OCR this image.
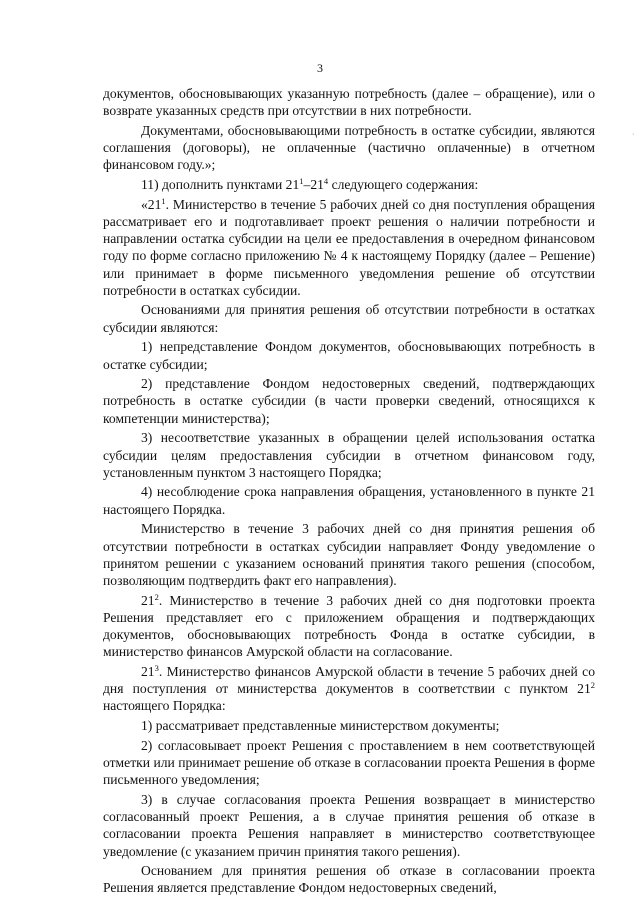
3
·

документов, обосновывающих указанную потребность (далее – обращение), или о возврате указанных средств при отсутствии в них потребности.

Документами, обосновывающими потребность в остатке субсидии, являются соглашения (договоры), не оплаченные (частично оплаченные) в отчетном финансовом году.»;

11) дополнить пунктами $21^1-21^4$ следующего содержания:

«$21^1$. Министерство в течение 5 рабочих дней со дня поступления обращения рассматривает его и подготавливает проект решения о наличии потребности и направлении остатка субсидии на цели ее предоставления в очередном финансовом году по форме согласно приложению № 4 к настоящему Порядку (далее – Решение) или принимает в форме письменного уведомления решение об отсутствии потребности в остатках субсидии.

Основаниями для принятия решения об отсутствии потребности в остатках субсидии являются:

1) непредставление Фондом документов, обосновывающих потребность в остатке субсидии;

2) представление Фондом недостоверных сведений, подтверждающих потребность в остатке субсидии (в части проверки сведений, относящихся к компетенции министерства);

3) несоответствие указанных в обращении целей использования остатка субсидии целям предоставления субсидии в отчетном финансовом году, установленным пунктом 3 настоящего Порядка;

4) несоблюдение срока направления обращения, установленного в пункте 21 настоящего Порядка.

Министерство в течение 3 рабочих дней со дня принятия решения об отсутствии потребности в остатках субсидии направляет Фонду уведомление о принятом решении с указанием оснований принятия такого решения (способом, позволяющим подтвердить факт его направления).

$21^2$. Министерство в течение 3 рабочих дней со дня подготовки проекта Решения представляет его с приложением обращения и подтверждающих документов, обосновывающих потребность Фонда в остатке субсидии, в министерство финансов Амурской области на согласование.

$21^3$. Министерство финансов Амурской области в течение 5 рабочих дней со дня поступления от министерства документов в соответствии с пунктом $21^2$ настоящего Порядка:

1) рассматривает представленные министерством документы;

2) согласовывает проект Решения с проставлением в нем соответствующей отметки или принимает решение об отказе в согласовании проекта Решения в форме письменного уведомления;

3) в случае согласования проекта Решения возвращает в министерство согласованный проект Решения, а в случае принятия решения об отказе в согласовании проекта Решения направляет в министерство соответствующее уведомление (с указанием причин принятия такого решения).

Основанием для принятия решения об отказе в согласовании проекта Решения является представление Фондом недостоверных сведений,
